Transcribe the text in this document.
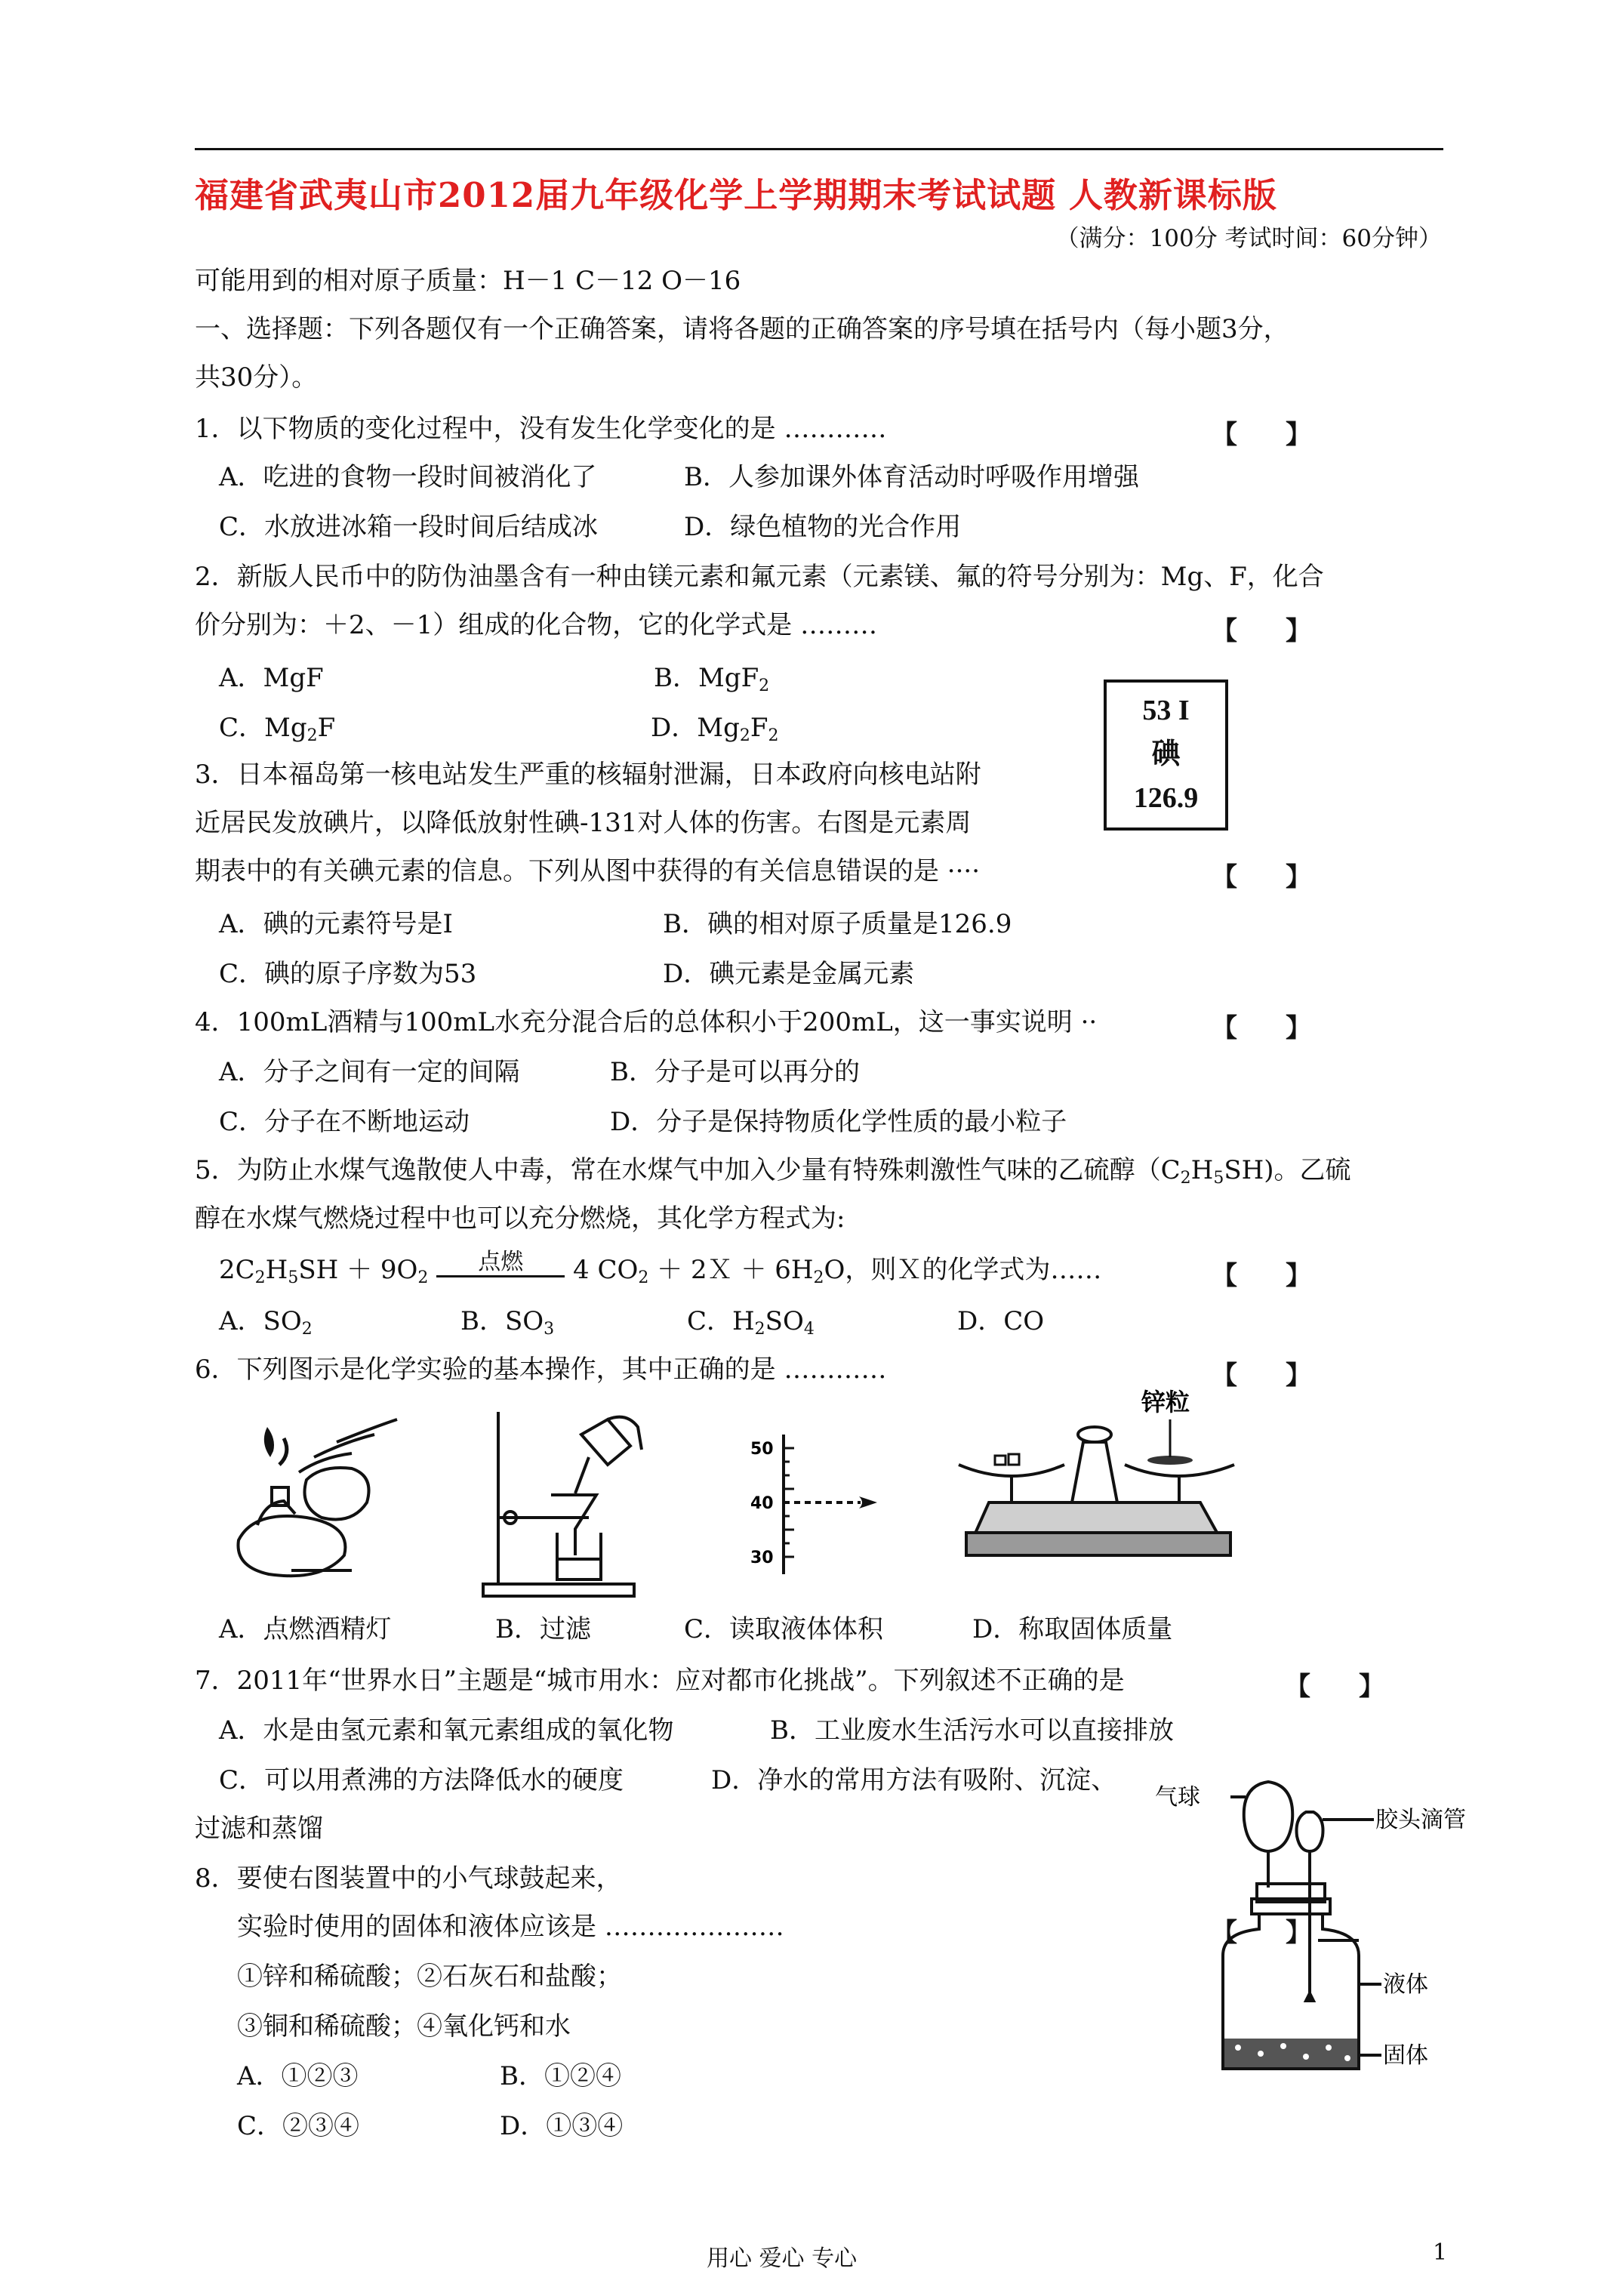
福建省武夷山市2012届九年级化学上学期期末考试试题 人教新课标版
（满分：100分 考试时间：60分钟）
可能用到的相对原子质量：H－1 C－12 O－16
一、选择题：下列各题仅有一个正确答案，请将各题的正确答案的序号填在括号内（每小题3分，
共30分）。
1．以下物质的变化过程中，没有发生化学变化的是 …………	【 】
A．吃进的食物一段时间被消化了	B．人参加课外体育活动时呼吸作用增强
C．水放进冰箱一段时间后结成冰	D．绿色植物的光合作用
2．新版人民币中的防伪油墨含有一种由镁元素和氟元素（元素镁、氟的符号分别为：Mg、F，化合
价分别为：＋2、－1）组成的化合物，它的化学式是 ………	【 】
A．MgF	B．MgF$_2$
C．$Mg_2F$	D．$Mg_2F_2$
53 I
碘
126.9
3．日本福岛第一核电站发生严重的核辐射泄漏，日本政府向核电站附
近居民发放碘片，以降低放射性碘-131对人体的伤害。右图是元素周
期表中的有关碘元素的信息。下列从图中获得的有关信息错误的是 ····	【 】
A．碘的元素符号是I	B．碘的相对原子质量是126.9
C．碘的原子序数为53	D．碘元素是金属元素
4．100mL酒精与100mL水充分混合后的总体积小于200mL，这一事实说明 ··	【 】
A．分子之间有一定的间隔	B．分子是可以再分的
C．分子在不断地运动	D．分子是保持物质化学性质的最小粒子
5．为防止水煤气逸散使人中毒，常在水煤气中加入少量有特殊刺激性气味的乙硫醇$(C_2H_5SH)$。乙硫
醇在水煤气燃烧过程中也可以充分燃烧，其化学方程式为:
$2C_2H_5SH + 9O_2$
点燃	4 $CO_2$ ＋ 2Ｘ ＋ $6H_2O$，则Ｘ的化学式为……	【 】
A．$SO_2$	B．$SO_3$	C．$H_2SO_4$	D．CO
6．下列图示是化学实验的基本操作，其中正确的是 …………	【 】
50
40
30
锌粒
A．点燃酒精灯	B．过滤	C．读取液体体积	D．称取固体质量
7．2011年“世界水日”主题是“城市用水：应对都市化挑战”。下列叙述不正确的是	【 】
A．水是由氢元素和氧元素组成的氧化物	B．工业废水生活污水可以直接排放
C．可以用煮沸的方法降低水的硬度	D．净水的常用方法有吸附、沉淀、
过滤和蒸馏
8．要使右图装置中的小气球鼓起来，
实验时使用的固体和液体应该是 …………………	【 】
①锌和稀硫酸；②石灰石和盐酸；
③铜和稀硫酸；④氧化钙和水
A．①②③	B．①②④
C．②③④	D．①③④
气球
胶头滴管
液体
固体
用心 爱心 专心	1
